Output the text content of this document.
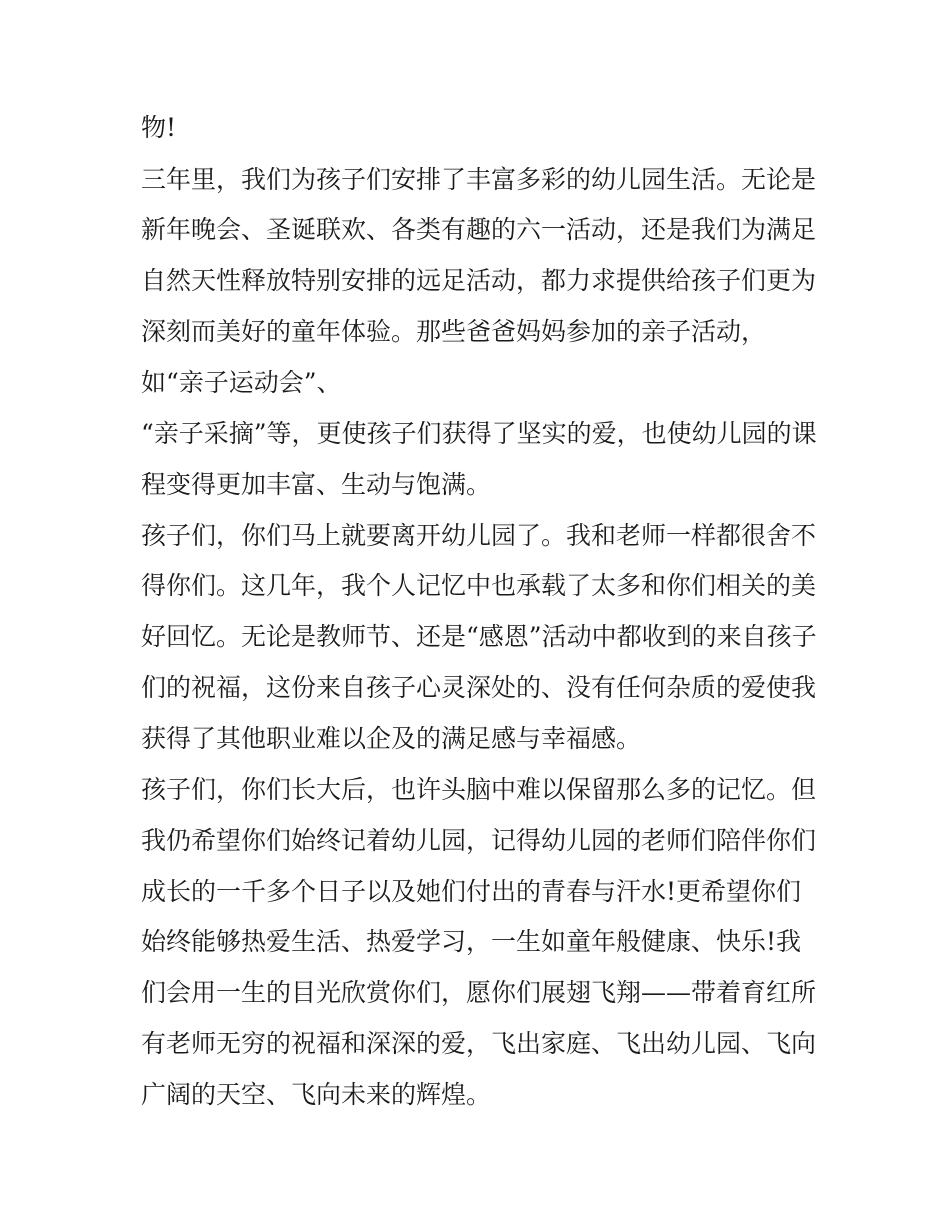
物!

三年里，我们为孩子们安排了丰富多彩的幼儿园生活。无论是

新年晚会、圣诞联欢、各类有趣的六一活动，还是我们为满足

自然天性释放特别安排的远足活动，都力求提供给孩子们更为

深刻而美好的童年体验。那些爸爸妈妈参加的亲子活动，

如“亲子运动会”、

“亲子采摘”等，更使孩子们获得了坚实的爱，也使幼儿园的课

程变得更加丰富、生动与饱满。

孩子们，你们马上就要离开幼儿园了。我和老师一样都很舍不

得你们。这几年，我个人记忆中也承载了太多和你们相关的美

好回忆。无论是教师节、还是“感恩”活动中都收到的来自孩子

们的祝福，这份来自孩子心灵深处的、没有任何杂质的爱使我

获得了其他职业难以企及的满足感与幸福感。

孩子们，你们长大后，也许头脑中难以保留那么多的记忆。但

我仍希望你们始终记着幼儿园，记得幼儿园的老师们陪伴你们

成长的一千多个日子以及她们付出的青春与汗水!更希望你们

始终能够热爱生活、热爱学习，一生如童年般健康、快乐!我

们会用一生的目光欣赏你们，愿你们展翅飞翔——带着育红所

有老师无穷的祝福和深深的爱，飞出家庭、飞出幼儿园、飞向

广阔的天空、飞向未来的辉煌。
